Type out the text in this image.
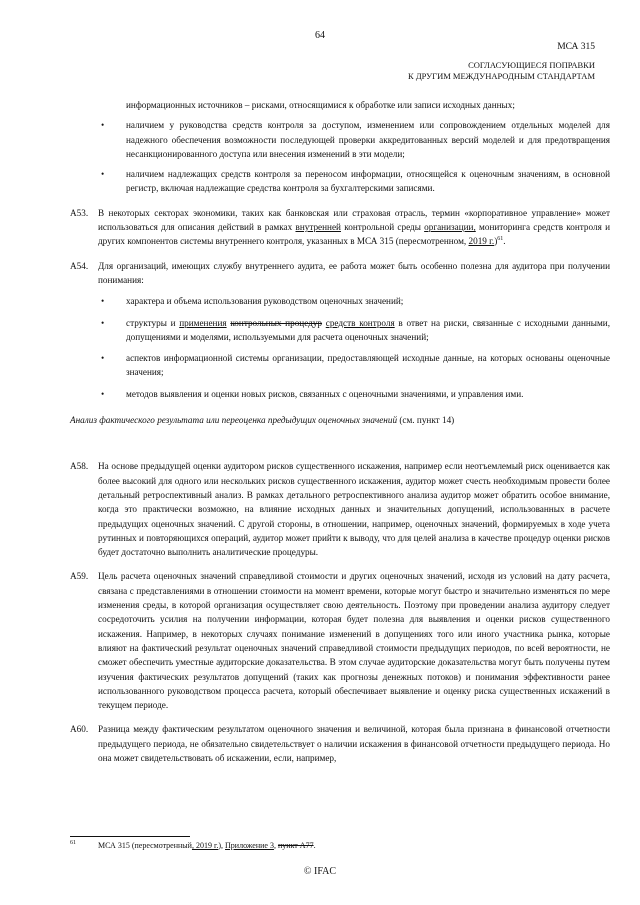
64
МСА 315
СОГЛАСУЮЩИЕСЯ ПОПРАВКИ
К ДРУГИМ МЕЖДУНАРОДНЫМ СТАНДАРТАМ

информационных источников – рисками, относящимися к обработке или записи исходных данных;

• наличием у руководства средств контроля за доступом, изменением или сопровождением отдельных моделей для надежного обеспечения возможности последующей проверки аккредитованных версий моделей и для предотвращения несанкционированного доступа или внесения изменений в эти модели;
• наличием надлежащих средств контроля за переносом информации, относящейся к оценочным значениям, в основной регистр, включая надлежащие средства контроля за бухгалтерскими записями.
A53. В некоторых секторах экономики, таких как банковская или страховая отрасль, термин «корпоративное управление» может использоваться для описания действий в рамках внутренней контрольной среды организации, мониторинга средств контроля и других компонентов системы внутреннего контроля, указанных в МСА 315 (пересмотренном, 2019 г.)$^{61}$.
A54. Для организаций, имеющих службу внутреннего аудита, ее работа может быть особенно полезна для аудитора при получении понимания:
• характера и объема использования руководством оценочных значений;
• структуры и применения контрольных процедур средств контроля в ответ на риски, связанные с исходными данными, допущениями и моделями, используемыми для расчета оценочных значений;
• аспектов информационной системы организации, предоставляющей исходные данные, на которых основаны оценочные значения;
• методов выявления и оценки новых рисков, связанных с оценочными значениями, и управления ими.

Анализ фактического результата или переоценка предыдущих оценочных значений (см. пункт 14)

A58. На основе предыдущей оценки аудитором рисков существенного искажения, например если неотъемлемый риск оценивается как более высокий для одного или нескольких рисков существенного искажения, аудитор может счесть необходимым провести более детальный ретроспективный анализ. В рамках детального ретроспективного анализа аудитор может обратить особое внимание, когда это практически возможно, на влияние исходных данных и значительных допущений, использованных в расчете предыдущих оценочных значений. С другой стороны, в отношении, например, оценочных значений, формируемых в ходе учета рутинных и повторяющихся операций, аудитор может прийти к выводу, что для целей анализа в качестве процедур оценки рисков будет достаточно выполнить аналитические процедуры.
A59. Цель расчета оценочных значений справедливой стоимости и других оценочных значений, исходя из условий на дату расчета, связана с представлениями в отношении стоимости на момент времени, которые могут быстро и значительно изменяться по мере изменения среды, в которой организация осуществляет свою деятельность. Поэтому при проведении анализа аудитору следует сосредоточить усилия на получении информации, которая будет полезна для выявления и оценки рисков существенного искажения. Например, в некоторых случаях понимание изменений в допущениях того или иного участника рынка, которые влияют на фактический результат оценочных значений справедливой стоимости предыдущих периодов, по всей вероятности, не сможет обеспечить уместные аудиторские доказательства. В этом случае аудиторские доказательства могут быть получены путем изучения фактических результатов допущений (таких как прогнозы денежных потоков) и понимания эффективности ранее использованного руководством процесса расчета, который обеспечивает выявление и оценку риска существенных искажений в текущем периоде.
A60. Разница между фактическим результатом оценочного значения и величиной, которая была признана в финансовой отчетности предыдущего периода, не обязательно свидетельствует о наличии искажения в финансовой отчетности предыдущего периода. Но она может свидетельствовать об искажении, если, например,
61	МСА 315 (пересмотренный, 2019 г.), Приложение 3, пункт А77.
© IFAC
